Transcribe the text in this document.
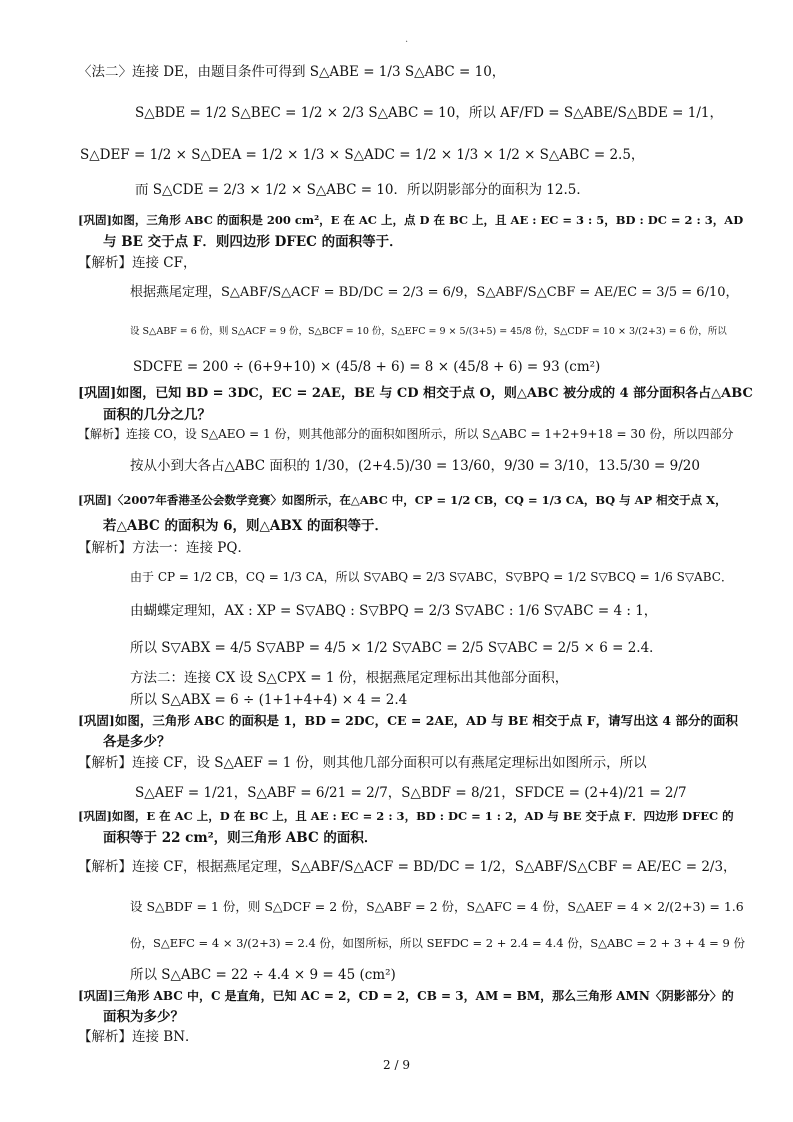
.
〈法二〉连接 DE，由题目条件可得到 S△ABE = 1/3 S△ABC = 10，
S△BDE = 1/2 S△BEC = 1/2 × 2/3 S△ABC = 10，所以 AF/FD = S△ABE/S△BDE = 1/1，
S△DEF = 1/2 × S△DEA = 1/2 × 1/3 × S△ADC = 1/2 × 1/3 × 1/2 × S△ABC = 2.5，
而 S△CDE = 2/3 × 1/2 × S△ABC = 10．所以阴影部分的面积为 12.5．
[巩固]如图，三角形 ABC 的面积是 200 cm²，E 在 AC 上，点 D 在 BC 上，且 AE : EC = 3 : 5，BD : DC = 2 : 3，AD
与 BE 交于点 F．则四边形 DFEC 的面积等于．
【解析】连接 CF，
根据燕尾定理，S△ABF/S△ACF = BD/DC = 2/3 = 6/9，S△ABF/S△CBF = AE/EC = 3/5 = 6/10，
设 S△ABF = 6 份，则 S△ACF = 9 份，S△BCF = 10 份，S△EFC = 9 × 5/(3+5) = 45/8 份，S△CDF = 10 × 3/(2+3) = 6 份，所以
SDCFE = 200 ÷ (6+9+10) × (45/8 + 6) = 8 × (45/8 + 6) = 93 (cm²)
[巩固]如图，已知 BD = 3DC，EC = 2AE，BE 与 CD 相交于点 O，则△ABC 被分成的 4 部分面积各占△ABC
面积的几分之几？
【解析】连接 CO，设 S△AEO = 1 份，则其他部分的面积如图所示，所以 S△ABC = 1+2+9+18 = 30 份，所以四部分
按从小到大各占△ABC 面积的 1/30，(2+4.5)/30 = 13/60，9/30 = 3/10，13.5/30 = 9/20
[巩固]〈2007年香港圣公会数学竞赛〉如图所示，在△ABC 中，CP = 1/2 CB，CQ = 1/3 CA，BQ 与 AP 相交于点 X，
若△ABC 的面积为 6，则△ABX 的面积等于．
【解析】方法一：连接 PQ．
由于 CP = 1/2 CB，CQ = 1/3 CA，所以 S▽ABQ = 2/3 S▽ABC，S▽BPQ = 1/2 S▽BCQ = 1/6 S▽ABC．
由蝴蝶定理知，AX : XP = S▽ABQ : S▽BPQ = 2/3 S▽ABC : 1/6 S▽ABC = 4 : 1，
所以 S▽ABX = 4/5 S▽ABP = 4/5 × 1/2 S▽ABC = 2/5 S▽ABC = 2/5 × 6 = 2.4．
方法二：连接 CX 设 S△CPX = 1 份，根据燕尾定理标出其他部分面积，
所以 S△ABX = 6 ÷ (1+1+4+4) × 4 = 2.4
[巩固]如图，三角形 ABC 的面积是 1，BD = 2DC，CE = 2AE，AD 与 BE 相交于点 F，请写出这 4 部分的面积
各是多少？
【解析】连接 CF，设 S△AEF = 1 份，则其他几部分面积可以有燕尾定理标出如图所示，所以
S△AEF = 1/21，S△ABF = 6/21 = 2/7，S△BDF = 8/21，SFDCE = (2+4)/21 = 2/7
[巩固]如图，E 在 AC 上，D 在 BC 上，且 AE : EC = 2 : 3，BD : DC = 1 : 2，AD 与 BE 交于点 F．四边形 DFEC 的
面积等于 22 cm²，则三角形 ABC 的面积．
【解析】连接 CF，根据燕尾定理，S△ABF/S△ACF = BD/DC = 1/2，S△ABF/S△CBF = AE/EC = 2/3，
设 S△BDF = 1 份，则 S△DCF = 2 份，S△ABF = 2 份，S△AFC = 4 份，S△AEF = 4 × 2/(2+3) = 1.6
份，S△EFC = 4 × 3/(2+3) = 2.4 份，如图所标，所以 SEFDC = 2 + 2.4 = 4.4 份，S△ABC = 2 + 3 + 4 = 9 份
所以 S△ABC = 22 ÷ 4.4 × 9 = 45 (cm²)
[巩固]三角形 ABC 中，C 是直角，已知 AC = 2，CD = 2，CB = 3，AM = BM，那么三角形 AMN〈阴影部分〉的
面积为多少？
【解析】连接 BN．
2 / 9
